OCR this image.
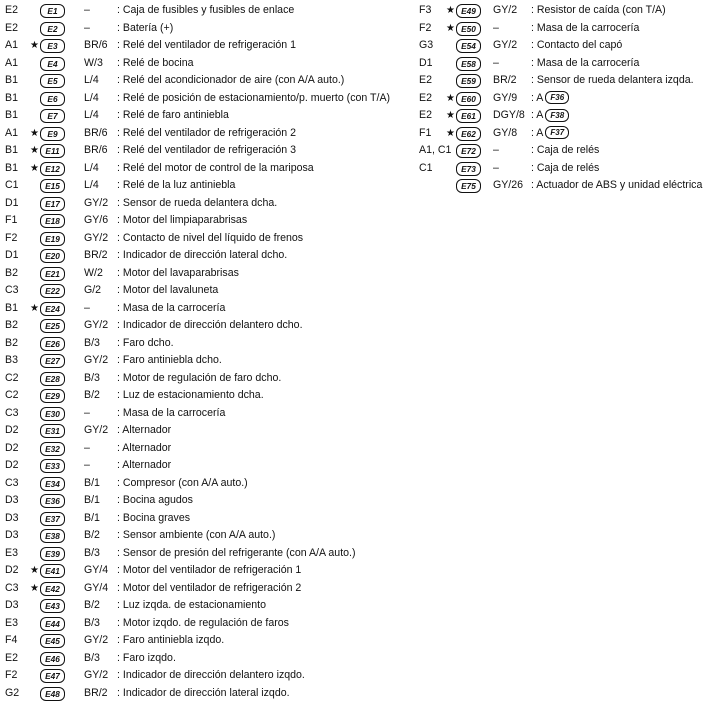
E2	E1	–	: Caja de fusibles y fusibles de enlace
E2	E2	–	: Batería (+)
A1 ★	E3	BR/6 : Relé del ventilador de refrigeración 1
A1	E4	W/3 : Relé de bocina
B1	E5	L/4 : Relé del acondicionador de aire (con A/A auto.)
B1	E6	L/4 : Relé de posición de estacionamiento/p. muerto (con T/A)
B1	E7	L/4 : Relé de faro antiniebla
A1 ★	E9	BR/6 : Relé del ventilador de refrigeración 2
B1 ★ E11	BR/6 : Relé del ventilador de refrigeración 3
B1 ★ E12	L/4 : Relé del motor de control de la mariposa
C1	E15	L/4 : Relé de la luz antiniebla
D1	E17	GY/2 : Sensor de rueda delantera dcha.
F1	E18	GY/6 : Motor del limpiaparabrisas
F2	E19	GY/2 : Contacto de nivel del líquido de frenos
D1	E20	BR/2 : Indicador de dirección lateral dcho.
B2	E21	W/2 : Motor del lavaparabrisas
C3	E22	G/2 : Motor del lavaluneta
B1 ★ E24	–	: Masa de la carrocería
B2	E25	GY/2 : Indicador de dirección delantero dcho.
B2	E26	B/3 : Faro dcho.
B3	E27	GY/2 : Faro antiniebla dcho.
C2	E28	B/3 : Motor de regulación de faro dcho.
C2	E29	B/2 : Luz de estacionamiento dcha.
C3	E30	–	: Masa de la carrocería
D2	E31	GY/2 : Alternador
D2	E32	–	: Alternador
D2	E33	–	: Alternador
C3	E34	B/1 : Compresor (con A/A auto.)
D3	E36	B/1 : Bocina agudos
D3	E37	B/1 : Bocina graves
D3	E38	B/2 : Sensor ambiente (con A/A auto.)
E3	E39	B/3 : Sensor de presión del refrigerante (con A/A auto.)
D2 ★ E41	GY/4 : Motor del ventilador de refrigeración 1
C3 ★ E42	GY/4 : Motor del ventilador de refrigeración 2
D3	E43	B/2 : Luz izqda. de estacionamiento
E3	E44	B/3 : Motor izqdo. de regulación de faros
F4	E45	GY/2 : Faro antiniebla izqdo.
E2	E46	B/3 : Faro izqdo.
F2	E47	GY/2 : Indicador de dirección delantero izqdo.
G2	E48	BR/2 : Indicador de dirección lateral izqdo.
F3 ★ E49	GY/2 : Resistor de caída (con T/A)
F2 ★ E50	–	: Masa de la carrocería
G3	E54	GY/2 : Contacto del capó
D1	E58	–	: Masa de la carrocería
E2	E59	BR/2 : Sensor de rueda delantera izqda.
E2 ★ E60	GY/9 : A F36
E2 ★ E61	DGY/8 : A F38
F1 ★ E62	GY/8 : A F37
A1, C1	E72	–	: Caja de relés
C1	E73	–	: Caja de relés
E75	GY/26 : Actuador de ABS y unidad eléctrica
